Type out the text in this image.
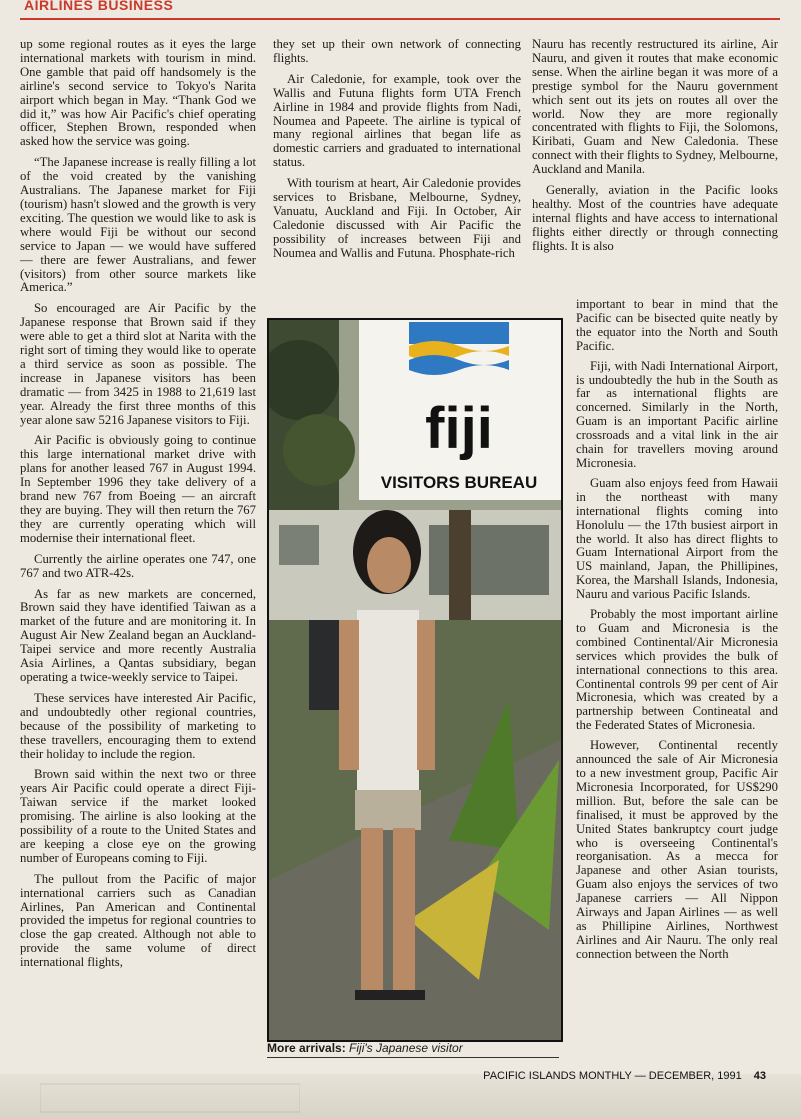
AIRLINES BUSINESS

up some regional routes as it eyes the large international markets with tourism in mind. One gamble that paid off handsomely is the airline's second service to Tokyo's Narita airport which began in May. “Thank God we did it,” was how Air Pacific's chief operating officer, Stephen Brown, responded when asked how the service was going.

“The Japanese increase is really filling a lot of the void created by the vanishing Australians. The Japanese market for Fiji (tourism) hasn't slowed and the growth is very exciting. The question we would like to ask is where would Fiji be without our second service to Japan — we would have suffered — there are fewer Australians, and fewer (visitors) from other source markets like America.”

So encouraged are Air Pacific by the Japanese response that Brown said if they were able to get a third slot at Narita with the right sort of timing they would like to operate a third service as soon as possible. The increase in Japanese visitors has been dramatic — from 3425 in 1988 to 21,619 last year. Already the first three months of this year alone saw 5216 Japanese visitors to Fiji.

Air Pacific is obviously going to continue this large international market drive with plans for another leased 767 in August 1994. In September 1996 they take delivery of a brand new 767 from Boeing — an aircraft they are buying. They will then return the 767 they are currently operating which will modernise their international fleet.

Currently the airline operates one 747, one 767 and two ATR-42s.

As far as new markets are concerned, Brown said they have identified Taiwan as a market of the future and are monitoring it. In August Air New Zealand began an Auckland-Taipei service and more recently Australia Asia Airlines, a Qantas subsidiary, began operating a twice-weekly service to Taipei.

These services have interested Air Pacific, and undoubtedly other regional countries, because of the possibility of marketing to these travellers, encouraging them to extend their holiday to include the region.

Brown said within the next two or three years Air Pacific could operate a direct Fiji-Taiwan service if the market looked promising. The airline is also looking at the possibility of a route to the United States and are keeping a close eye on the growing number of Europeans coming to Fiji.

The pullout from the Pacific of major international carriers such as Canadian Airlines, Pan American and Continental provided the impetus for regional countries to close the gap created. Although not able to provide the same volume of direct international flights,

they set up their own network of connecting flights.

Air Caledonie, for example, took over the Wallis and Futuna flights form UTA French Airline in 1984 and provide flights from Nadi, Noumea and Papeete. The airline is typical of many regional airlines that began life as domestic carriers and graduated to international status.

With tourism at heart, Air Caledonie provides services to Brisbane, Melbourne, Sydney, Vanuatu, Auckland and Fiji. In October, Air Caledonie discussed with Air Pacific the possibility of increases between Fiji and Noumea and Wallis and Futuna. Phosphate-rich

Nauru has recently restructured its airline, Air Nauru, and given it routes that make economic sense. When the airline began it was more of a prestige symbol for the Nauru government which sent out its jets on routes all over the world. Now they are more regionally concentrated with flights to Fiji, the Solomons, Kiribati, Guam and New Caledonia. These connect with their flights to Sydney, Melbourne, Auckland and Manila.

Generally, aviation in the Pacific looks healthy. Most of the countries have adequate internal flights and have access to international flights either directly or through connecting flights. It is also

important to bear in mind that the Pacific can be bisected quite neatly by the equator into the North and South Pacific.

Fiji, with Nadi International Airport, is undoubtedly the hub in the South as far as international flights are concerned. Similarly in the North, Guam is an important Pacific airline crossroads and a vital link in the air chain for travellers moving around Micronesia.

Guam also enjoys feed from Hawaii in the northeast with many international flights coming into Honolulu — the 17th busiest airport in the world. It also has direct flights to Guam International Airport from the US mainland, Japan, the Phillipines, Korea, the Marshall Islands, Indonesia, Nauru and various Pacific Islands.

Probably the most important airline to Guam and Micronesia is the combined Continental/Air Micronesia services which provides the bulk of international connections to this area. Continental controls 99 per cent of Air Micronesia, which was created by a partnership between Contineatal and the Federated States of Micronesia.

However, Continental recently announced the sale of Air Micronesia to a new investment group, Pacific Air Micronesia Incorporated, for US$290 million. But, before the sale can be finalised, it must be approved by the United States bankruptcy court judge who is overseeing Continental's reorganisation. As a mecca for Japanese and other Asian tourists, Guam also enjoys the services of two Japanese carriers — All Nippon Airways and Japan Airlines — as well as Phillipine Airlines, Northwest Airlines and Air Nauru. The only real connection between the North

fiji
VISITORS BUREAU
More arrivals: Fiji's Japanese visitor
PACIFIC ISLANDS MONTHLY — DECEMBER, 1991 43
